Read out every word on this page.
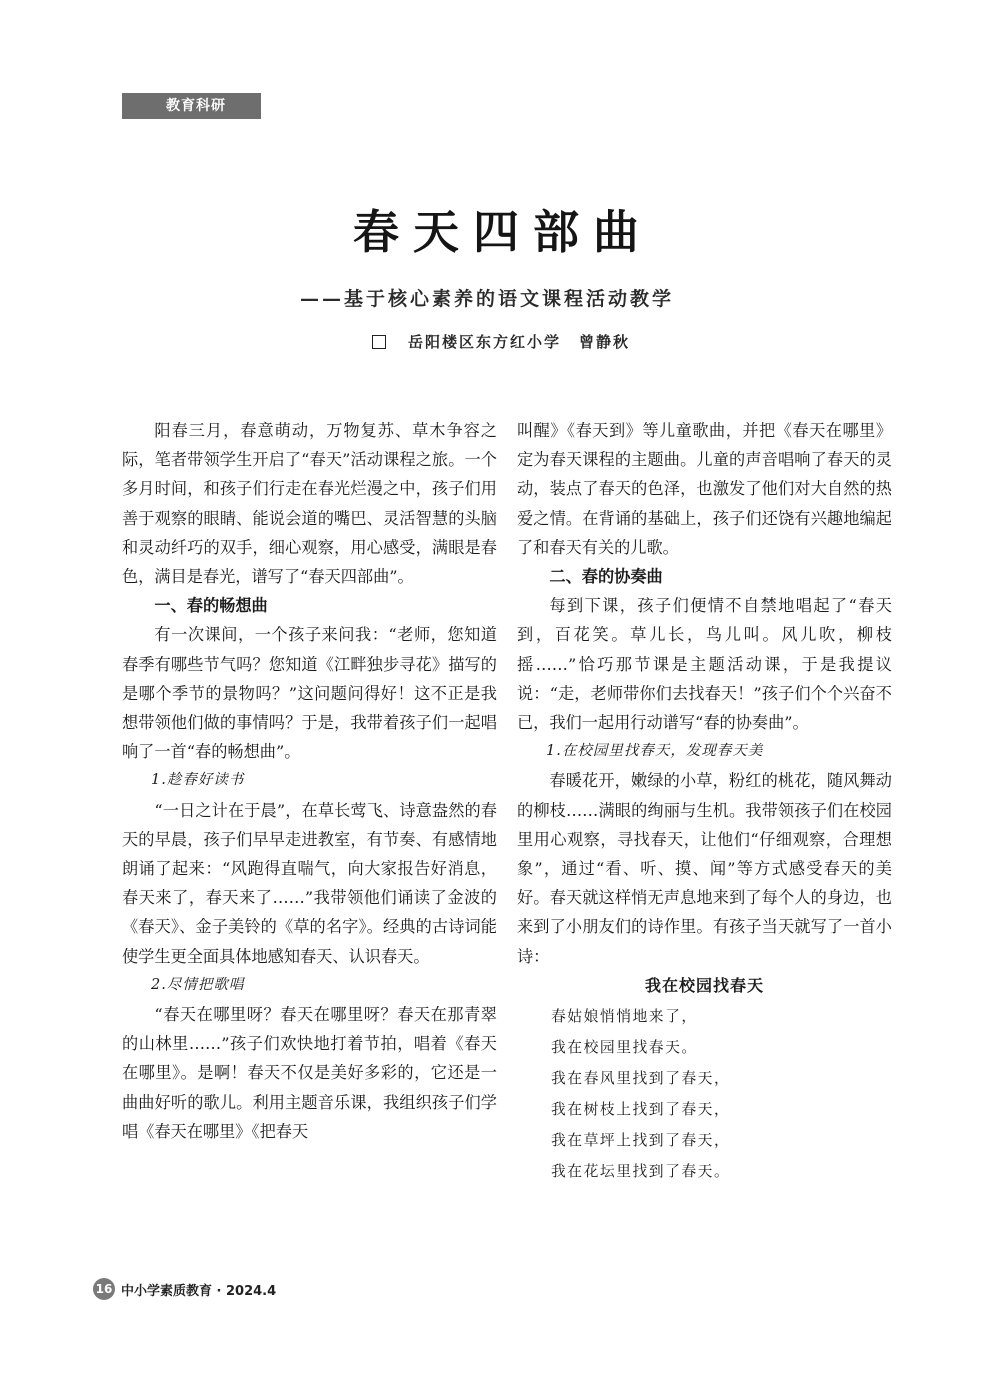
教育科研
春天四部曲
——基于核心素养的语文课程活动教学
岳阳楼区东方红小学 曾静秋

阳春三月，春意萌动，万物复苏、草木争容之际，笔者带领学生开启了“春天”活动课程之旅。一个多月时间，和孩子们行走在春光烂漫之中，孩子们用善于观察的眼睛、能说会道的嘴巴、灵活智慧的头脑和灵动纤巧的双手，细心观察，用心感受，满眼是春色，满目是春光，谱写了“春天四部曲”。

一、春的畅想曲

有一次课间，一个孩子来问我：“老师，您知道春季有哪些节气吗？您知道《江畔独步寻花》描写的是哪个季节的景物吗？”这问题问得好！这不正是我想带领他们做的事情吗？于是，我带着孩子们一起唱响了一首“春的畅想曲”。

1.趁春好读书

“一日之计在于晨”，在草长莺飞、诗意盎然的春天的早晨，孩子们早早走进教室，有节奏、有感情地朗诵了起来：“风跑得直喘气，向大家报告好消息，春天来了，春天来了……”我带领他们诵读了金波的《春天》、金子美铃的《草的名字》。经典的古诗词能使学生更全面具体地感知春天、认识春天。

2.尽情把歌唱

“春天在哪里呀？春天在哪里呀？春天在那青翠的山林里……”孩子们欢快地打着节拍，唱着《春天在哪里》。是啊！春天不仅是美好多彩的，它还是一曲曲好听的歌儿。利用主题音乐课，我组织孩子们学唱《春天在哪里》《把春天

叫醒》《春天到》等儿童歌曲，并把《春天在哪里》定为春天课程的主题曲。儿童的声音唱响了春天的灵动，装点了春天的色泽，也激发了他们对大自然的热爱之情。在背诵的基础上，孩子们还饶有兴趣地编起了和春天有关的儿歌。

二、春的协奏曲

每到下课，孩子们便情不自禁地唱起了“春天到，百花笑。草儿长，鸟儿叫。风儿吹，柳枝摇……”恰巧那节课是主题活动课，于是我提议说：“走，老师带你们去找春天！”孩子们个个兴奋不已，我们一起用行动谱写“春的协奏曲”。

1.在校园里找春天，发现春天美

春暖花开，嫩绿的小草，粉红的桃花，随风舞动的柳枝……满眼的绚丽与生机。我带领孩子们在校园里用心观察，寻找春天，让他们“仔细观察，合理想象”，通过“看、听、摸、闻”等方式感受春天的美好。春天就这样悄无声息地来到了每个人的身边，也来到了小朋友们的诗作里。有孩子当天就写了一首小诗：

我在校园找春天
春姑娘悄悄地来了，
我在校园里找春天。
我在春风里找到了春天，
我在树枝上找到了春天，
我在草坪上找到了春天，
我在花坛里找到了春天。
16 中小学素质教育 · 2024.4
